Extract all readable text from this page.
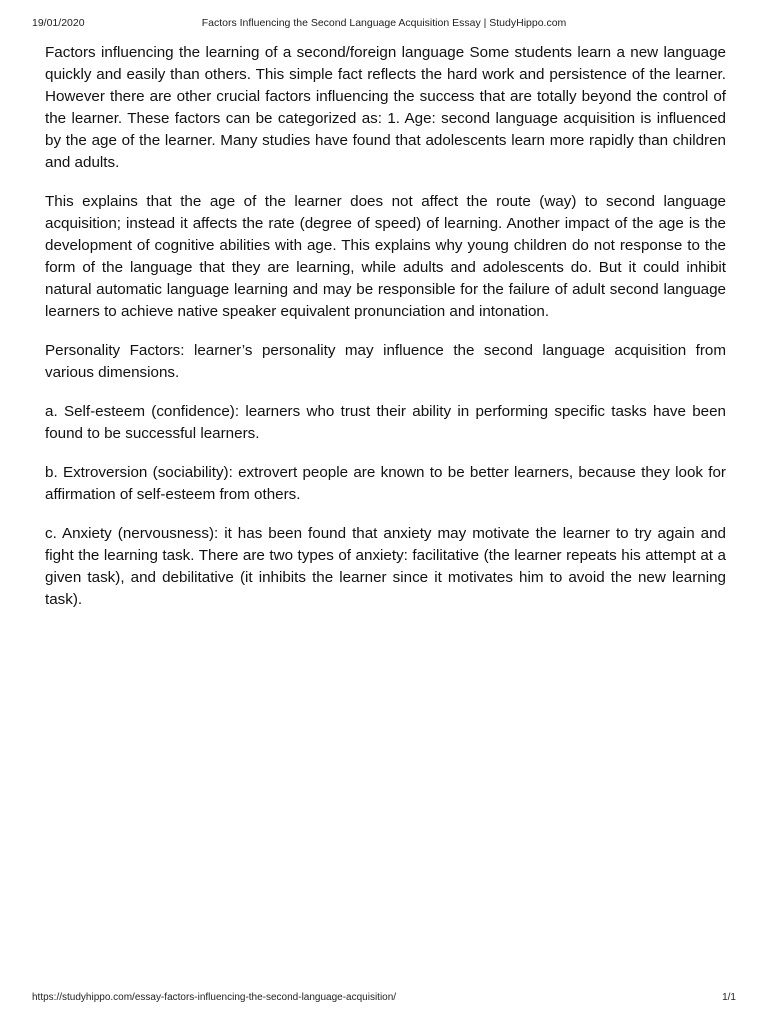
19/01/2020	Factors Influencing the Second Language Acquisition Essay | StudyHippo.com

Factors influencing the learning of a second/foreign language Some students learn a new language quickly and easily than others. This simple fact reflects the hard work and persistence of the learner. However there are other crucial factors influencing the success that are totally beyond the control of the learner. These factors can be categorized as: 1. Age: second language acquisition is influenced by the age of the learner. Many studies have found that adolescents learn more rapidly than children and adults.

This explains that the age of the learner does not affect the route (way) to second language acquisition; instead it affects the rate (degree of speed) of learning. Another impact of the age is the development of cognitive abilities with age. This explains why young children do not response to the form of the language that they are learning, while adults and adolescents do. But it could inhibit natural automatic language learning and may be responsible for the failure of adult second language learners to achieve native speaker equivalent pronunciation and intonation.

Personality Factors: learner’s personality may influence the second language acquisition from various dimensions.

a. Self-esteem (confidence): learners who trust their ability in performing specific tasks have been found to be successful learners.

b. Extroversion (sociability): extrovert people are known to be better learners, because they look for affirmation of self-esteem from others.

c. Anxiety (nervousness): it has been found that anxiety may motivate the learner to try again and fight the learning task. There are two types of anxiety: facilitative (the learner repeats his attempt at a given task), and debilitative (it inhibits the learner since it motivates him to avoid the new learning task).

https://studyhippo.com/essay-factors-influencing-the-second-language-acquisition/	1/1
